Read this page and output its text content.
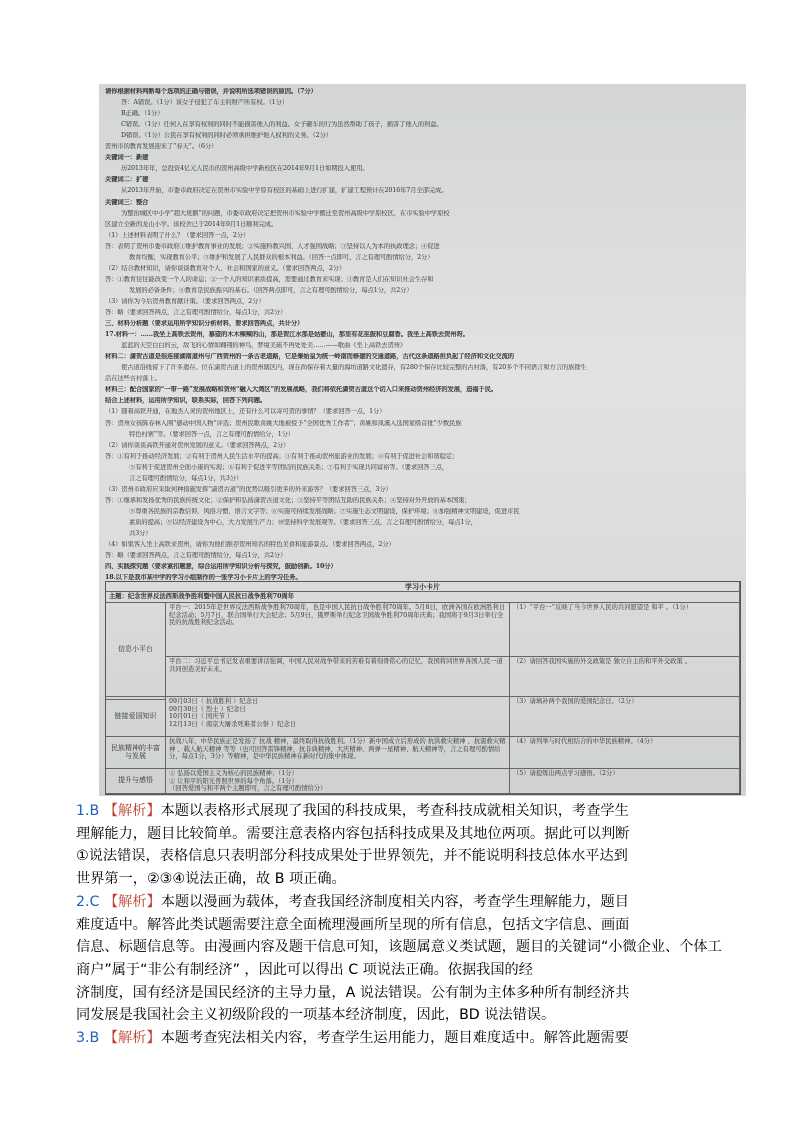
请你根据材料判断每个选项的正确与错误，并说明所选项错误的原因。（7分）
答：A错误。（1分）该女子侵犯了车主的财产所有权。（1分）
B正确。（1分）
C错误。（1分）任何人在享有权利的同时不能损害他人的利益。女子砸车的行为虽然帮助了孩子，损害了他人的利益。
D错误。（1分）公民在享有权利的同时必须承担维护他人权利的义务。（2分）
贺州市的教育发展迎来了“春天”。（6分）
关键词一：新建
历2013年年，总投资4亿元人民币的贺州高级中学新校区在2014年9月1日如期投入使用。
关键词二：扩建
从2013年开始，市委市政府决定在贺州市实验中学原有校区的基础上进行扩建，扩建工程预计在2016年7月全部完成。
关键词三：整合
为整治城区中小学“超大班额”的问题，市委市政府决定把贺州市实验中学搬迁至贺州高级中学原校区，在市实验中学原校
区建立全新的龙山小学。该校舍已于2014年9月1日顺利完成。
（1）上述材料表明了什么？（要求回答一点，2分）
答：表明了贺州市委市政府①维护教育事业的发展；②实施科教兴国、人才强国战略；③坚持以人为本的执政理念；④促进
教育均衡，实现教育公平；⑤维护和发展了人民群众的根本利益。（回答一点即可，言之有理可酌情给分，2分）
（2）结合教材知识，请你谈谈教育对个人、社会和国家的意义。（要求回答两点，2分）
答：①教育往往能改变一个人的命运；②一个人的知识素质提高，需要通过教育来实现；③教育是人们在知识社会生存和
发展的必备条件；④教育是民族振兴的基石。（回答两点即可，言之有理可酌情给分，每点1分，共2分）
（3）请你为今后贺州教育献计策。（要求回答两点，2分）
答：略（要求回答两点，言之有理可酌情给分，每点1分，共2分）
三、材料分析题（要求运用所学知识分析材料，要求回答两点，共计分）
17.材料一：……我坐上高铁去贺州，慕望的木木辣辣的山，那是贺江水那是姑婆山，那里有花巫鼓和豆腐香。我坐上高铁去贺州呀。
蓝蓝的天空白白的云，敌飞的心情如翱翔的神鸟，梦境美琉不再处处美……——歌曲《坐上高铁去贺州》
材料二：潇贺古道是指连接湖南道州与广西贺州的一条古老道路，它是秦始皇为统一岭南而修建的交通道路，古代这条道路担负起了经济和文化交流的
使古道沿线留下了许多遗存。位在潇贺古道上的贺州辖区内，现在尚保存着大量的海坊道路文化遗存，有280个保存比较完整的古村落，有20多个不同语言和方言的族群生
活在这些古村落上。
材料三：配合国家的“一带一路”发展战略和贺州“融入大湾区”的发展战略，我们将依托潇贺古道这个切入口来推动贺州经济的发展，造福于民。
结合上述材料，运用所学知识，联系实际，回答下列问题。
（1）随着高铁开通，在地杰人灵的贺州地区上，还有什么可以寄可贺的事情？（要求回答一点，1分）
答：贺州女孩陈春林入围“感动中国人物”评选；贺州民歌黄姚大地被授予“全国优秀工作者”；黄姚和凤溪入选国家级首批“少数民族
特色村寨”等。（要求回答一点，言之有理可酌情给分，1分）
（2）请你谈谈高铁开通对贺州发展的意义。（要求回答两点，2分）
答：①有利于推动经济发展；②有利于贺州人民生活水平的提高；③有利于推动贺州旅游业的发展；④有利于促进社会和谐稳定；
⑤有利于促进贺州全面小康的实现；⑥有利于促进平等团结的民族关系；⑦有利于实现共同富裕等。（要求回答三点，
言之有理可酌情给分，每点1分，共3分）
（3）贺州市政府应采取何种措施发挥“潇贺古道”的优势以吸引更多的外来游客？（要求回答三点，3分）
答：①继承和发扬优秀的民族传统文化；②保护和弘扬潇贺古道文化；③坚持平等团结互助的民族关系；④坚持对外开放的基本国策；
⑤尊重各民族的宗教信仰、风俗习惯、语言文字等；⑥实施可持续发展战略；⑦实施生态文明建设，保护环境；⑧加强精神文明建设，促进市民
素质的提高；⑨以经济建设为中心，大力发展生产力；⑩坚持科学发展观等。（要求回答三点，言之有理可酌情给分，每点1分，
共3分）
（4）如果客人坐上高铁来贺州，请你为他们推荐贺州知名的特色美食和旅游景点。（要求回答两点，2分）
答：略（要求回答两点，言之有理可酌情给分，每点1分，共2分）
四、实践探究题（要求紧扣题意，综合运用所学知识分析与探究，鼓励创新。10分）
18.以下是我市某中学的学习小组制作的一张学习小卡片上的学习任务。
学习小卡片
主题：纪念世界反法西斯战争胜利暨中国人民抗日战争胜利70周年
信息小平台
平台一：2015年是世界反法西斯战争胜利70周年，也是中国人民抗日战争胜利70周年。5月8日，欧洲各国在欧洲胜利日纪念活动；5月7日，联合国举行大会纪念；5月9日，俄罗斯举行纪念卫国战争胜利70周年庆典；我国将于9月3日举行全民的抗战胜利纪念活动。
（1）“平台一”反映了当今世界人民的共同愿望是 和平 。（1分）
平台二：习近平总书记发表重要讲话强调，中国人民对战争带来的苦难有着刻骨铭心的记忆，我国将同世界各国人民一道共同创造美好未来。
（2）请回答我国实施的外交政策是 独立自主的和平外交政策 。
链接爱国知识
09月03日（ 抗战胜利 ）纪念日
09月30日（ 烈士 ）纪念日
10月01日（ 国庆节 ）
12月13日（ 南京大屠杀死难者公祭 ）纪念日
（3）请填补两个我国的爱国纪念日。（2分）
民族精神的丰富与发展
抗战八年，中华民族正是发扬了 抗战 精神，最终取得抗战胜利。（1分）新中国成立后形成的 抗洪救灾精神 、抗震救灾精神 、载人航天精神 等等（也可回答雷锋精神、抗非典精神、大庆精神、两弹一星精神、航天精神等，言之有理可酌情给分，每点1分，3分）等精神，是中华民族精神在新时代的集中体现。
（4）请列举与时代相结合的中华民族精神。（4分）
提升与感悟
① 弘扬以爱国主义为核心的民族精神；（1分）
② 让和平的阳光普照世界的每个角落。（1分）
（回答爱国与和平两个主题即可，言之有理可酌情给分）
（5）请提炼出两点学习感悟。（2分）

1.B 【解析】本题以表格形式展现了我国的科技成果，考查科技成就相关知识，考查学生

理解能力，题目比较简单。需要注意表格内容包括科技成果及其地位两项。据此可以判断

①说法错误，表格信息只表明部分科技成果处于世界领先，并不能说明科技总体水平达到

世界第一，②③④说法正确，故 B 项正确。

2.C 【解析】本题以漫画为载体，考查我国经济制度相关内容，考查学生理解能力，题目

难度适中。解答此类试题需要注意全面梳理漫画所呈现的所有信息，包括文字信息、画面

信息、标题信息等。由漫画内容及题干信息可知，该题属意义类试题，题目的关键词“小微企业、个体工

商户”属于“非公有制经济” ，因此可以得出 C 项说法正确。依据我国的经

济制度，国有经济是国民经济的主导力量，A 说法错误。公有制为主体多种所有制经济共

同发展是我国社会主义初级阶段的一项基本经济制度，因此，BD 说法错误。

3.B 【解析】本题考查宪法相关内容，考查学生运用能力，题目难度适中。解答此题需要
